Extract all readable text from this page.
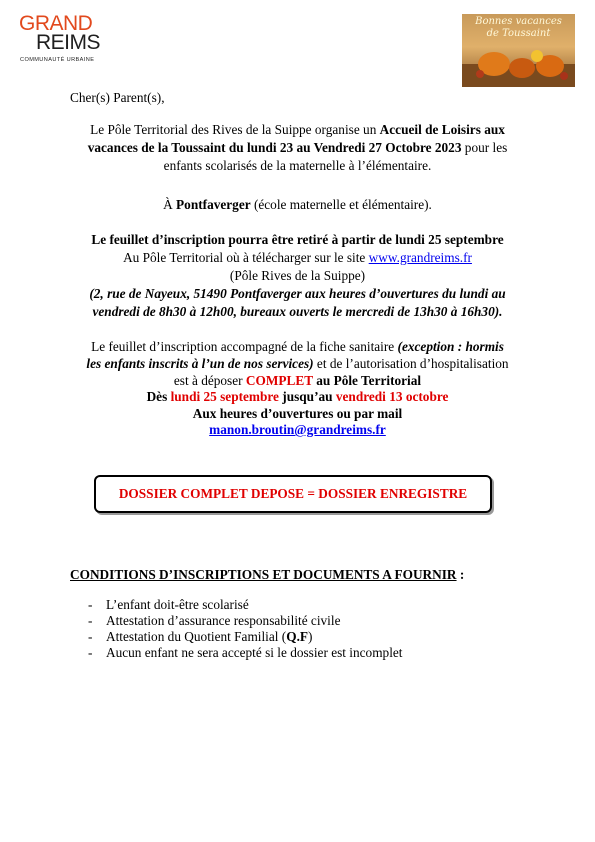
GRAND
REIMS
COMMUNAUTÉ URBAINE
Bonnes vacances
de Toussaint
Cher(s) Parent(s),
Le Pôle Territorial des Rives de la Suippe organise un Accueil de Loisirs aux
vacances de la Toussaint du lundi 23 au Vendredi 27 Octobre 2023 pour les
enfants scolarisés de la maternelle à l’élémentaire.
À Pontfaverger (école maternelle et élémentaire).
Le feuillet d’inscription pourra être retiré à partir de lundi 25 septembre
Au Pôle Territorial où à télécharger sur le site www.grandreims.fr
(Pôle Rives de la Suippe)
(2, rue de Nayeux, 51490 Pontfaverger aux heures d’ouvertures du lundi au
vendredi de 8h30 à 12h00, bureaux ouverts le mercredi de 13h30 à 16h30).
Le feuillet d’inscription accompagné de la fiche sanitaire (exception : hormis
les enfants inscrits à l’un de nos services) et de l’autorisation d’hospitalisation
est à déposer COMPLET au Pôle Territorial
Dès lundi 25 septembre jusqu’au vendredi 13 octobre
Aux heures d’ouvertures ou par mail
manon.broutin@grandreims.fr
DOSSIER COMPLET DEPOSE = DOSSIER ENREGISTRE
CONDITIONS D’INSCRIPTIONS ET DOCUMENTS A FOURNIR :
- L’enfant doit-être scolarisé
- Attestation d’assurance responsabilité civile
- Attestation du Quotient Familial (Q.F)
- Aucun enfant ne sera accepté si le dossier est incomplet
